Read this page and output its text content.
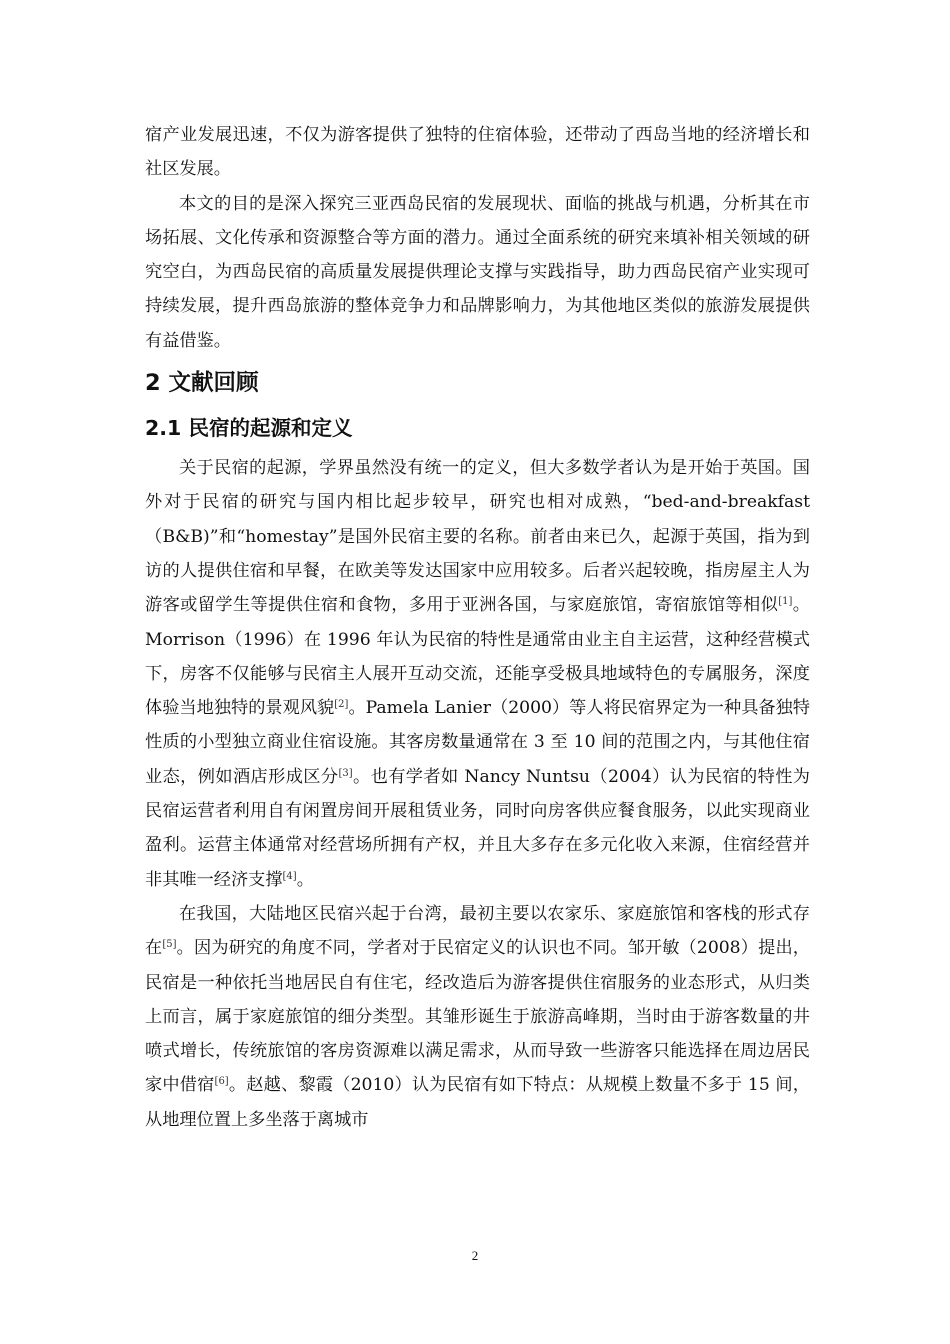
宿产业发展迅速，不仅为游客提供了独特的住宿体验，还带动了西岛当地的经济增长和社区发展。

本文的目的是深入探究三亚西岛民宿的发展现状、面临的挑战与机遇，分析其在市场拓展、文化传承和资源整合等方面的潜力。通过全面系统的研究来填补相关领域的研究空白，为西岛民宿的高质量发展提供理论支撑与实践指导，助力西岛民宿产业实现可持续发展，提升西岛旅游的整体竞争力和品牌影响力，为其他地区类似的旅游发展提供有益借鉴。

2 文献回顾
2.1 民宿的起源和定义

关于民宿的起源，学界虽然没有统一的定义，但大多数学者认为是开始于英国。国外对于民宿的研究与国内相比起步较早，研究也相对成熟，“bed-and-breakfast（B&B)”和“homestay”是国外民宿主要的名称。前者由来已久，起源于英国，指为到访的人提供住宿和早餐，在欧美等发达国家中应用较多。后者兴起较晚，指房屋主人为游客或留学生等提供住宿和食物，多用于亚洲各国，与家庭旅馆，寄宿旅馆等相似[1]。Morrison（1996）在 1996 年认为民宿的特性是通常由业主自主运营，这种经营模式下，房客不仅能够与民宿主人展开互动交流，还能享受极具地域特色的专属服务，深度体验当地独特的景观风貌[2]。Pamela Lanier（2000）等人将民宿界定为一种具备独特性质的小型独立商业住宿设施。其客房数量通常在 3 至 10 间的范围之内，与其他住宿业态，例如酒店形成区分[3]。也有学者如 Nancy Nuntsu（2004）认为民宿的特性为民宿运营者利用自有闲置房间开展租赁业务，同时向房客供应餐食服务，以此实现商业盈利。运营主体通常对经营场所拥有产权，并且大多存在多元化收入来源，住宿经营并非其唯一经济支撑[4]。

在我国，大陆地区民宿兴起于台湾，最初主要以农家乐、家庭旅馆和客栈的形式存在[5]。因为研究的角度不同，学者对于民宿定义的认识也不同。邹开敏（2008）提出，民宿是一种依托当地居民自有住宅，经改造后为游客提供住宿服务的业态形式，从归类上而言，属于家庭旅馆的细分类型。其雏形诞生于旅游高峰期，当时由于游客数量的井喷式增长，传统旅馆的客房资源难以满足需求，从而导致一些游客只能选择在周边居民家中借宿[6]。赵越、黎霞（2010）认为民宿有如下特点：从规模上数量不多于 15 间，从地理位置上多坐落于离城市

2
